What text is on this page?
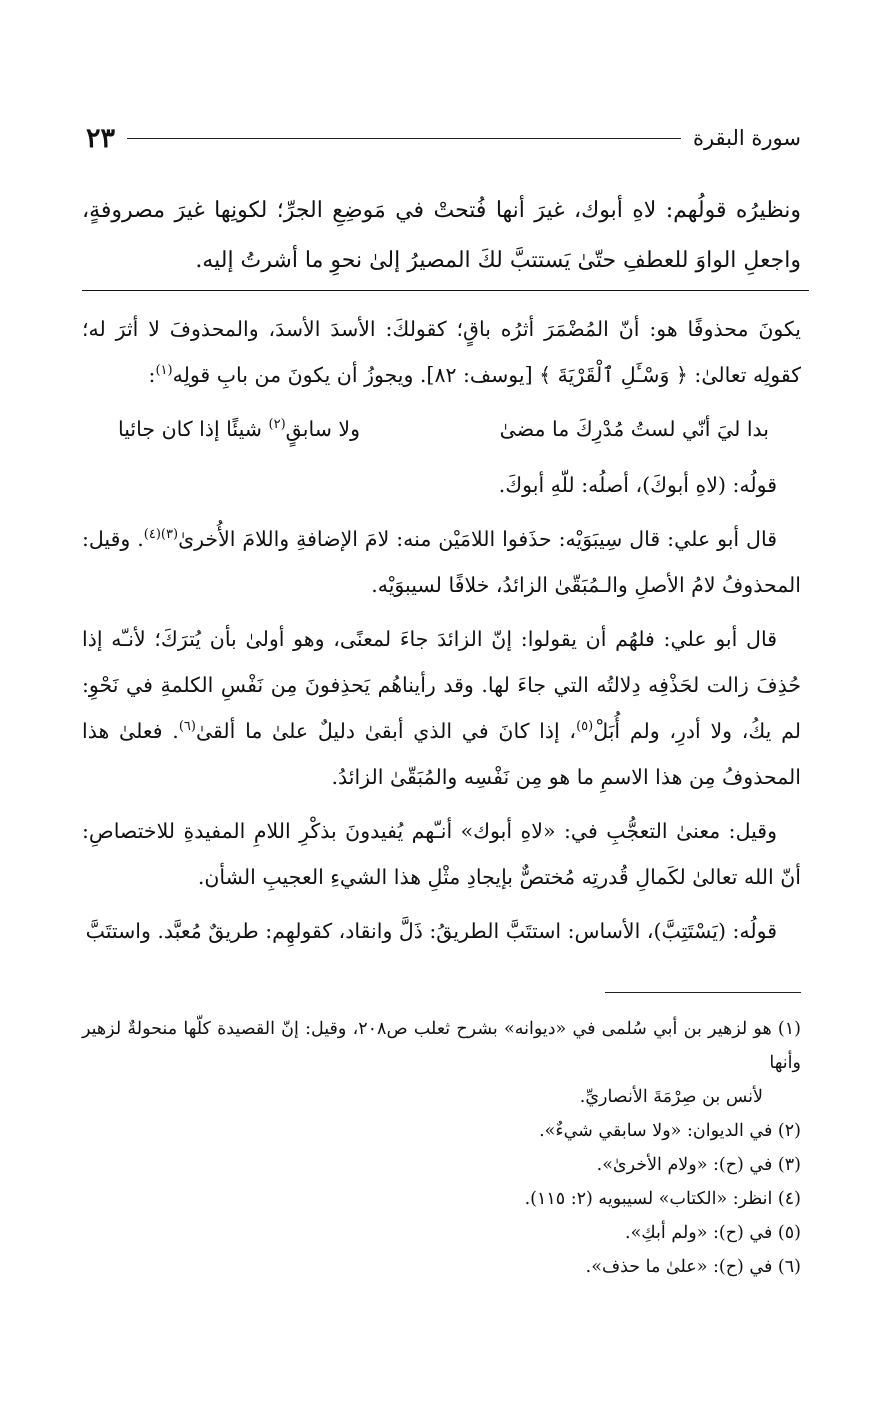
سورة البقرة
٢٣
ونظيرُه قولُهم: لاهِ أبوك، غيرَ أنها فُتحتْ في مَوضِعِ الجرِّ؛ لكونِها غيرَ مصروفةٍ، واجعلِ الواوَ للعطفِ حتّىٰ يَستتبَّ لكَ المصيرُ إلىٰ نحوِ ما أشرتُ إليه.

يكونَ محذوفًا هو: أنّ المُضْمَرَ أثرُه باقٍ؛ كقولكَ: الأسدَ الأسدَ، والمحذوفَ لا أثرَ له؛ كقولِه تعالىٰ: ﴿ وَسْـَٔلِ ٱلْقَرْيَةَ ﴾ [يوسف: ٨٢]. ويجوزُ أن يكونَ من بابِ قولِه$^{(١)}$:

بدا ليَ أنّي لستُ مُدْرِكَ ما مضىٰ
ولا سابقٍ$^{(٢)}$ شيئًا إذا كان جائيا

قولُه: (لاهِ أبوكَ)، أصلُه: للّهِ أبوكَ.

قال أبو علي: قال سِيبَوَيْه: حذَفوا اللامَيْن منه: لامَ الإضافةِ واللامَ الأُخرىٰ$^{(٣)(٤)}$. وقيل: المحذوفُ لامُ الأصلِ والـمُبَقّىٰ الزائدُ، خلافًا لسيبوَيْه.

قال أبو علي: فلهُم أن يقولوا: إنّ الزائدَ جاءَ لمعنًى، وهو أولىٰ بأن يُترَكَ؛ لأنـّه إذا حُذِفَ زالت لحَذْفِه دِلالتُه التي جاءَ لها. وقد رأيناهُم يَحذِفونَ مِن نَفْسِ الكلمةِ في نَحْوِ: لم يكُ، ولا أدرِ، ولم أُبَلْ$^{(٥)}$، إذا كانَ في الذي أبقىٰ دليلٌ علىٰ ما ألقىٰ$^{(٦)}$. فعلىٰ هذا المحذوفُ مِن هذا الاسمِ ما هو مِن نَفْسِه والمُبَقّىٰ الزائدُ.

وقيل: معنىٰ التعجُّبِ في: «لاهِ أبوك» أنـّهم يُفيدونَ بذكْرِ اللامِ المفيدةِ للاختصاصِ: أنّ الله تعالىٰ لكَمالِ قُدرتِه مُختصٌّ بإيجادِ مثْلِ هذا الشيءِ العجيبِ الشأن.

قولُه: (يَسْتَتِبَّ)، الأساس: استتَبَّ الطريقُ: ذَلَّ وانقاد، كقولهِم: طريقٌ مُعبَّد. واستتَبَّ

(١) هو لزهير بن أبي سُلمى في «ديوانه» بشرح ثعلب ص٢٠٨، وقيل: إنّ القصيدة كلّها منحولةٌ لزهير وأنها
لأنس بن صِرْمَةَ الأنصاريِّ.
(٢) في الديوان: «ولا سابقي شيءٌ».
(٣) في (ح): «ولام الأخرىٰ».
(٤) انظر: «الكتاب» لسيبويه (٢: ١١٥).
(٥) في (ح): «ولم أبكِ».
(٦) في (ح): «علىٰ ما حذف».
